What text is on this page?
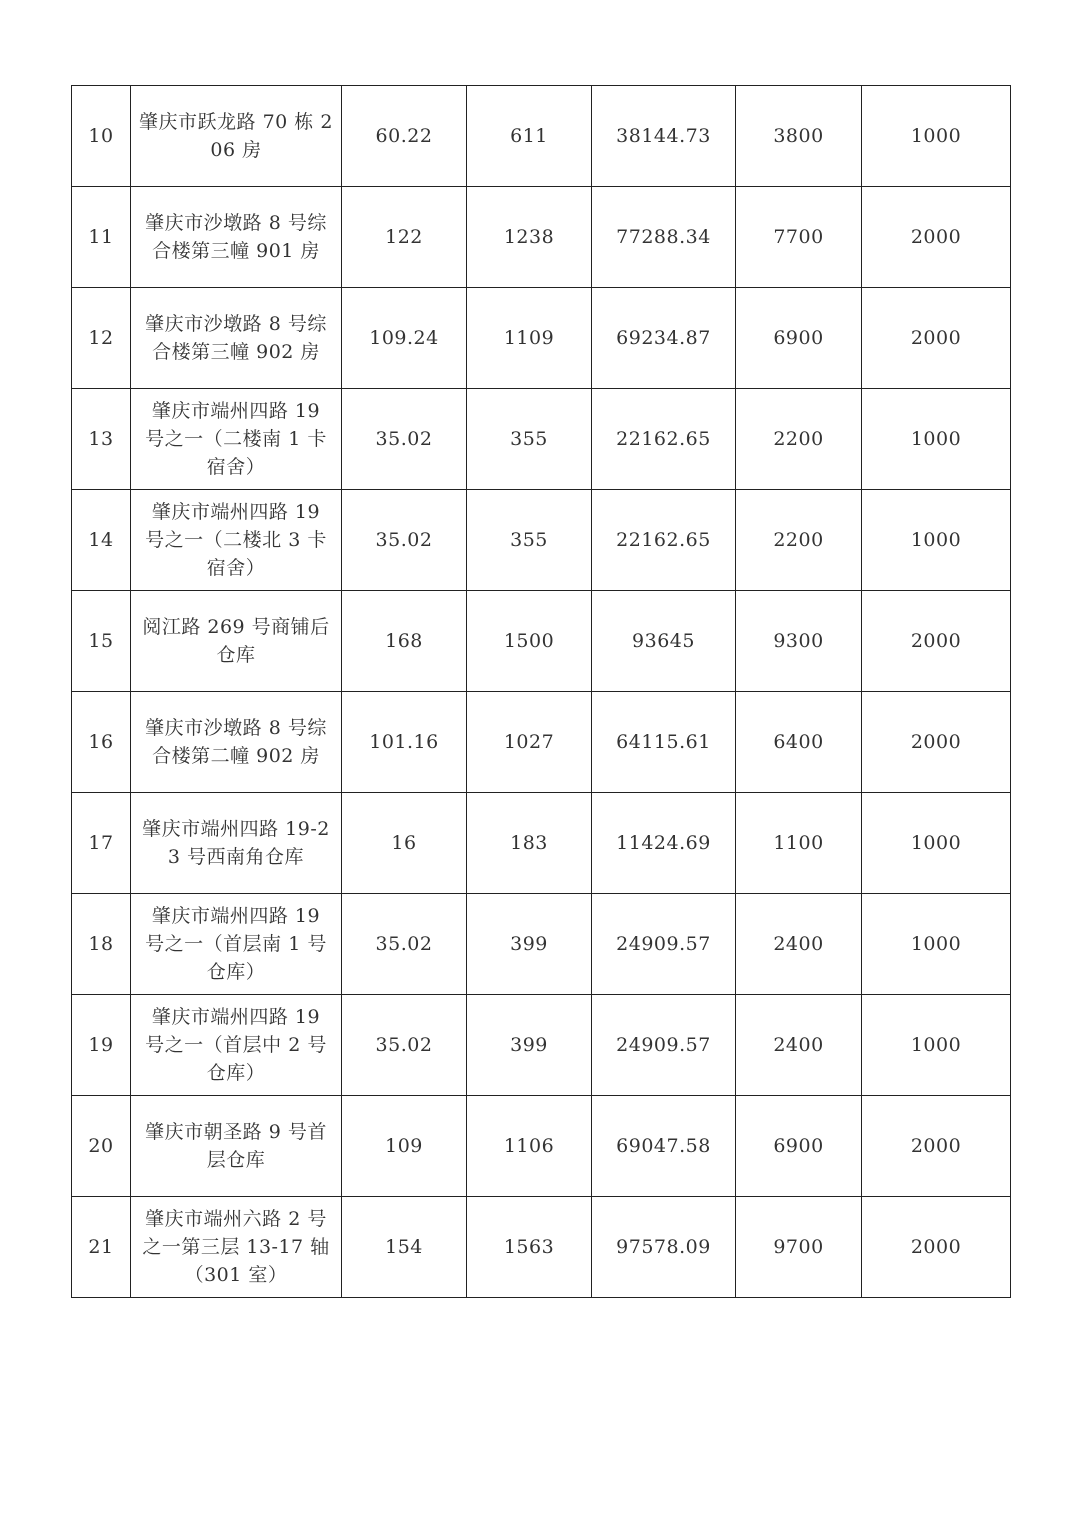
10	肇庆市跃龙路 70 栋 206 房	60.22	611	38144.73	3800	1000
11	肇庆市沙墩路 8 号综合楼第三幢 901 房	122	1238	77288.34	7700	2000
12	肇庆市沙墩路 8 号综合楼第三幢 902 房	109.24	1109	69234.87	6900	2000
13	肇庆市端州四路 19 号之一（二楼南 1 卡宿舍）	35.02	355	22162.65	2200	1000
14	肇庆市端州四路 19 号之一（二楼北 3 卡宿舍）	35.02	355	22162.65	2200	1000
15	阅江路 269 号商铺后仓库	168	1500	93645	9300	2000
16	肇庆市沙墩路 8 号综合楼第二幢 902 房	101.16	1027	64115.61	6400	2000
17	肇庆市端州四路 19-23 号西南角仓库	16	183	11424.69	1100	1000
18	肇庆市端州四路 19 号之一（首层南 1 号仓库）	35.02	399	24909.57	2400	1000
19	肇庆市端州四路 19 号之一（首层中 2 号仓库）	35.02	399	24909.57	2400	1000
20	肇庆市朝圣路 9 号首层仓库	109	1106	69047.58	6900	2000
21	肇庆市端州六路 2 号之一第三层 13-17 轴（301 室）	154	1563	97578.09	9700	2000
